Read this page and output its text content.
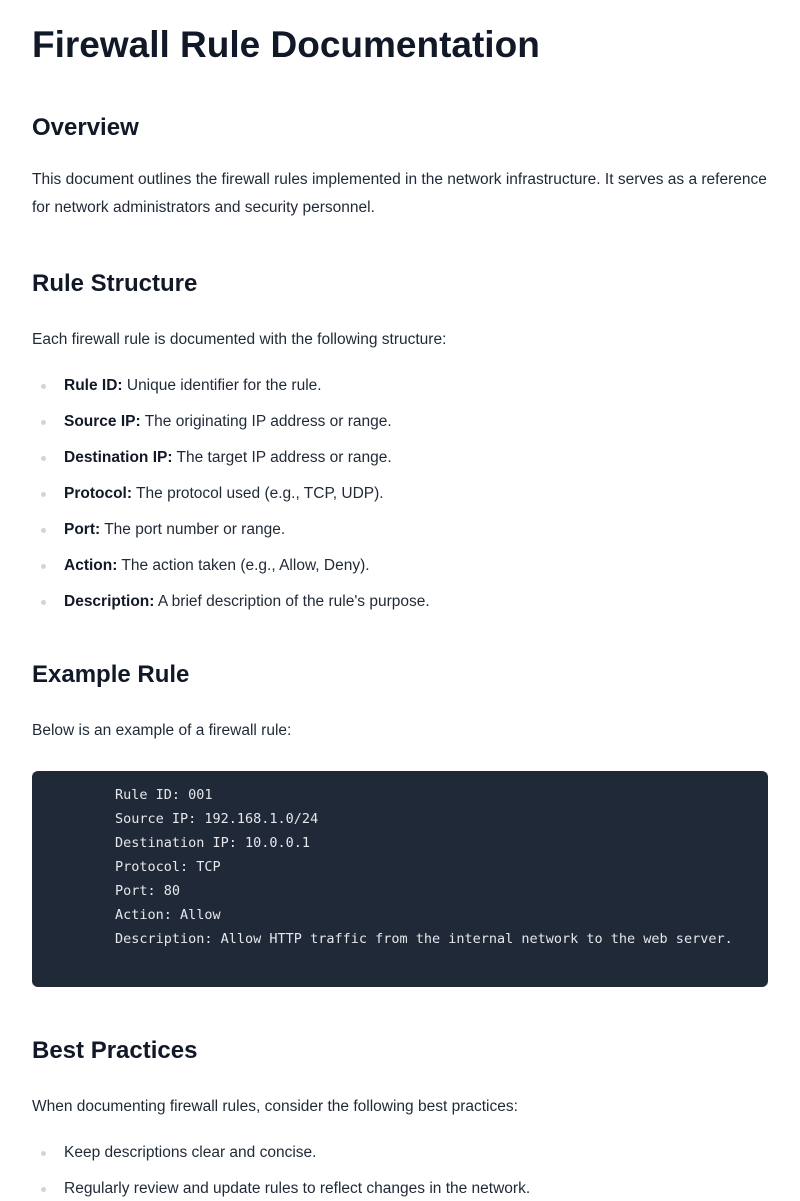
Firewall Rule Documentation
Overview

This document outlines the firewall rules implemented in the network infrastructure. It serves as a reference for network administrators and security personnel.

Rule Structure

Each firewall rule is documented with the following structure:

Rule ID: Unique identifier for the rule.
Source IP: The originating IP address or range.
Destination IP: The target IP address or range.
Protocol: The protocol used (e.g., TCP, UDP).
Port: The port number or range.
Action: The action taken (e.g., Allow, Deny).
Description: A brief description of the rule's purpose.
Example Rule

Below is an example of a firewall rule:

Rule ID: 001
Source IP: 192.168.1.0/24
Destination IP: 10.0.0.1
Protocol: TCP
Port: 80
Action: Allow
Description: Allow HTTP traffic from the internal network to the web server.
Best Practices

When documenting firewall rules, consider the following best practices:

Keep descriptions clear and concise.
Regularly review and update rules to reflect changes in the network.
